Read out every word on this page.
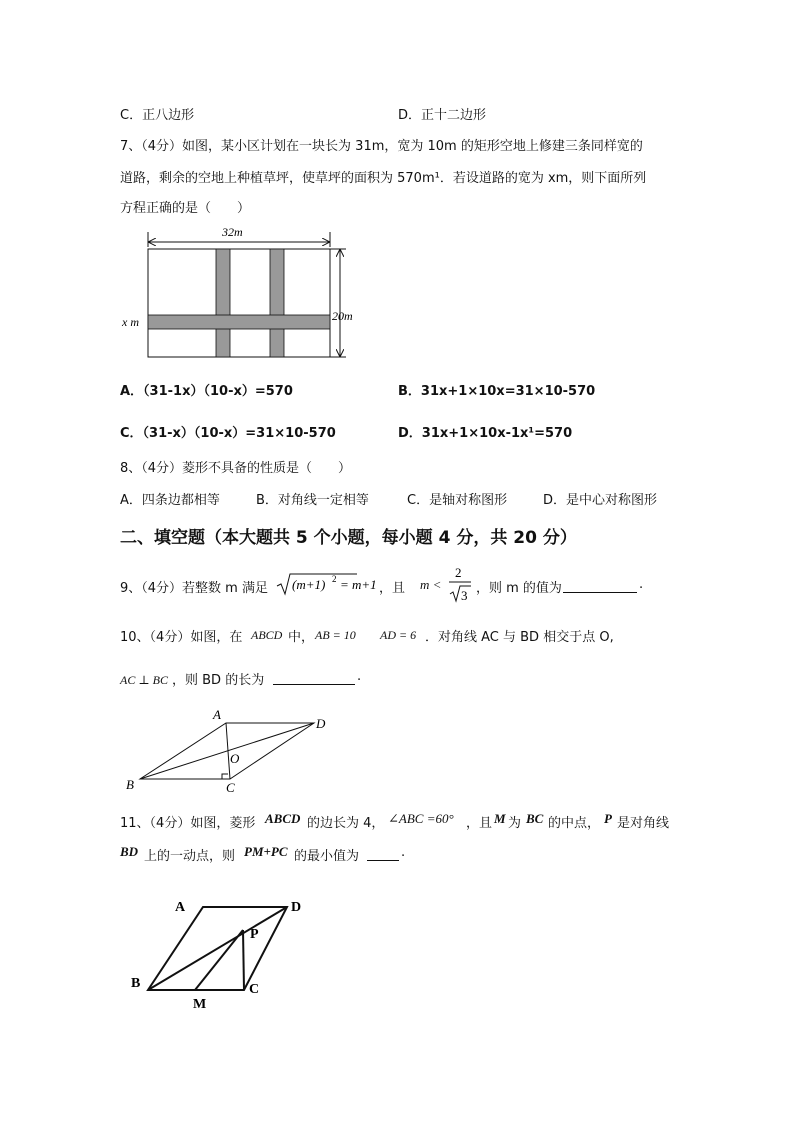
C．正八边形	D．正十二边形
7、（4分）如图，某小区计划在一块长为 31m，宽为 10m 的矩形空地上修建三条同样宽的
道路，剩余的空地上种植草坪，使草坪的面积为 570m¹．若设道路的宽为 xm，则下面所列
方程正确的是（　　）
32m
20m
x m
A．（31-1x）（10-x）=570	B．31x+1×10x=31×10-570
C．（31-x）（10-x）=31×10-570	D．31x+1×10x-1x¹=570
8、（4分）菱形不具备的性质是（　　）
A．四条边都相等	B．对角线一定相等	C．是轴对称图形	D．是中心对称图形
二、填空题（本大题共 5 个小题，每小题 4 分，共 20 分）
9、（4分）若整数 m 满足 (m+1) 2 = m+1 ，且 m <
2
3 ，则 m 的值为	.
10、（4分）如图，在 ABCD 中， AB = 10 AD = 6 ．对角线 AC 与 BD 相交于点 O,
AC ⊥ BC ，则 BD 的长为	.
A
D
B	C
O
11、（4分）如图，菱形 ABCD 的边长为 4， ∠ABC =60° ，且 M 为 BC 的中点， P 是对角线
BD 上的一动点，则 PM+PC 的最小值为	.
A	D
B	C
M
P
